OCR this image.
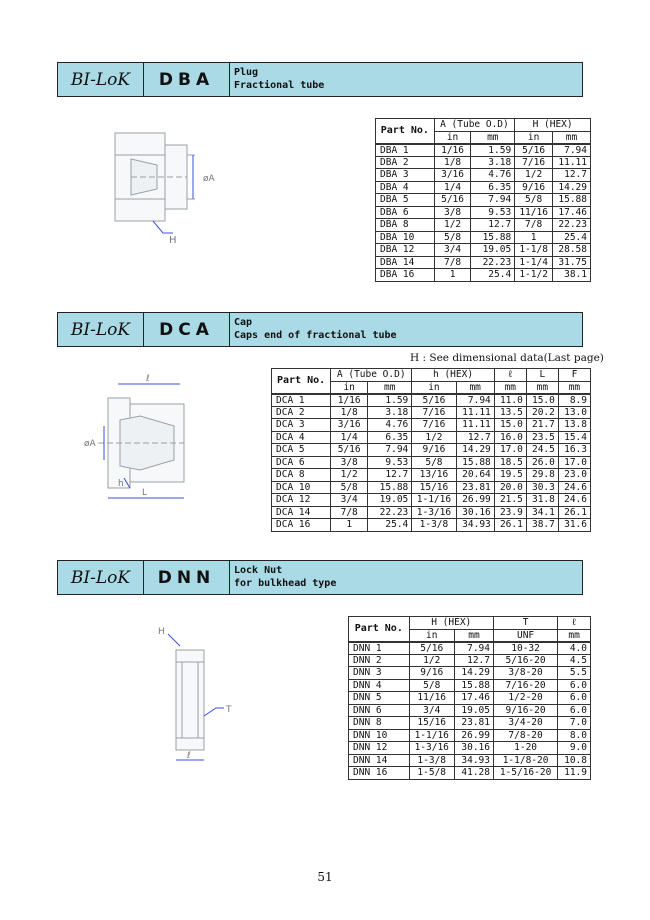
BI-LoK	DBA	Plug
Fractional tube
øA
H
Part No.	A (Tube O.D)		H (HEX)	
	in	mm	in	mm
DBA 1	1/16	1.59	5/16	7.94
DBA 2	1/8	3.18	7/16	11.11
DBA 3	3/16	4.76	1/2	12.7
DBA 4	1/4	6.35	9/16	14.29
DBA 5	5/16	7.94	5/8	15.88
DBA 6	3/8	9.53	11/16	17.46
DBA 8	1/2	12.7	7/8	22.23
DBA 10	5/8	15.88	1	25.4
DBA 12	3/4	19.05	1-1/8	28.58
DBA 14	7/8	22.23	1-1/4	31.75
DBA 16	1	25.4	1-1/2	38.1
BI-LoK	DCA	Cap
Caps end of fractional tube
H : See dimensional data(Last page)
ℓ
øA
h
L
Part No.	A (Tube O.D)		h (HEX)		ℓ	L	F
	in	mm	in	mm	mm	mm	mm
DCA 1	1/16	1.59	5/16	7.94	11.0	15.0	8.9
DCA 2	1/8	3.18	7/16	11.11	13.5	20.2	13.0
DCA 3	3/16	4.76	7/16	11.11	15.0	21.7	13.8
DCA 4	1/4	6.35	1/2	12.7	16.0	23.5	15.4
DCA 5	5/16	7.94	9/16	14.29	17.0	24.5	16.3
DCA 6	3/8	9.53	5/8	15.88	18.5	26.0	17.0
DCA 8	1/2	12.7	13/16	20.64	19.5	29.8	23.0
DCA 10	5/8	15.88	15/16	23.81	20.0	30.3	24.6
DCA 12	3/4	19.05	1-1/16	26.99	21.5	31.8	24.6
DCA 14	7/8	22.23	1-3/16	30.16	23.9	34.1	26.1
DCA 16	1	25.4	1-3/8	34.93	26.1	38.7	31.6
BI-LoK	DNN	Lock Nut
for bulkhead type
H
T
ℓ
Part No.	H (HEX)		T	ℓ
	in	mm	UNF	mm
DNN 1	5/16	7.94	10-32	4.0
DNN 2	1/2	12.7	5/16-20	4.5
DNN 3	9/16	14.29	3/8-20	5.5
DNN 4	5/8	15.88	7/16-20	6.0
DNN 5	11/16	17.46	1/2-20	6.0
DNN 6	3/4	19.05	9/16-20	6.0
DNN 8	15/16	23.81	3/4-20	7.0
DNN 10	1-1/16	26.99	7/8-20	8.0
DNN 12	1-3/16	30.16	1-20	9.0
DNN 14	1-3/8	34.93	1-1/8-20	10.8
DNN 16	1-5/8	41.28	1-5/16-20	11.9
51
